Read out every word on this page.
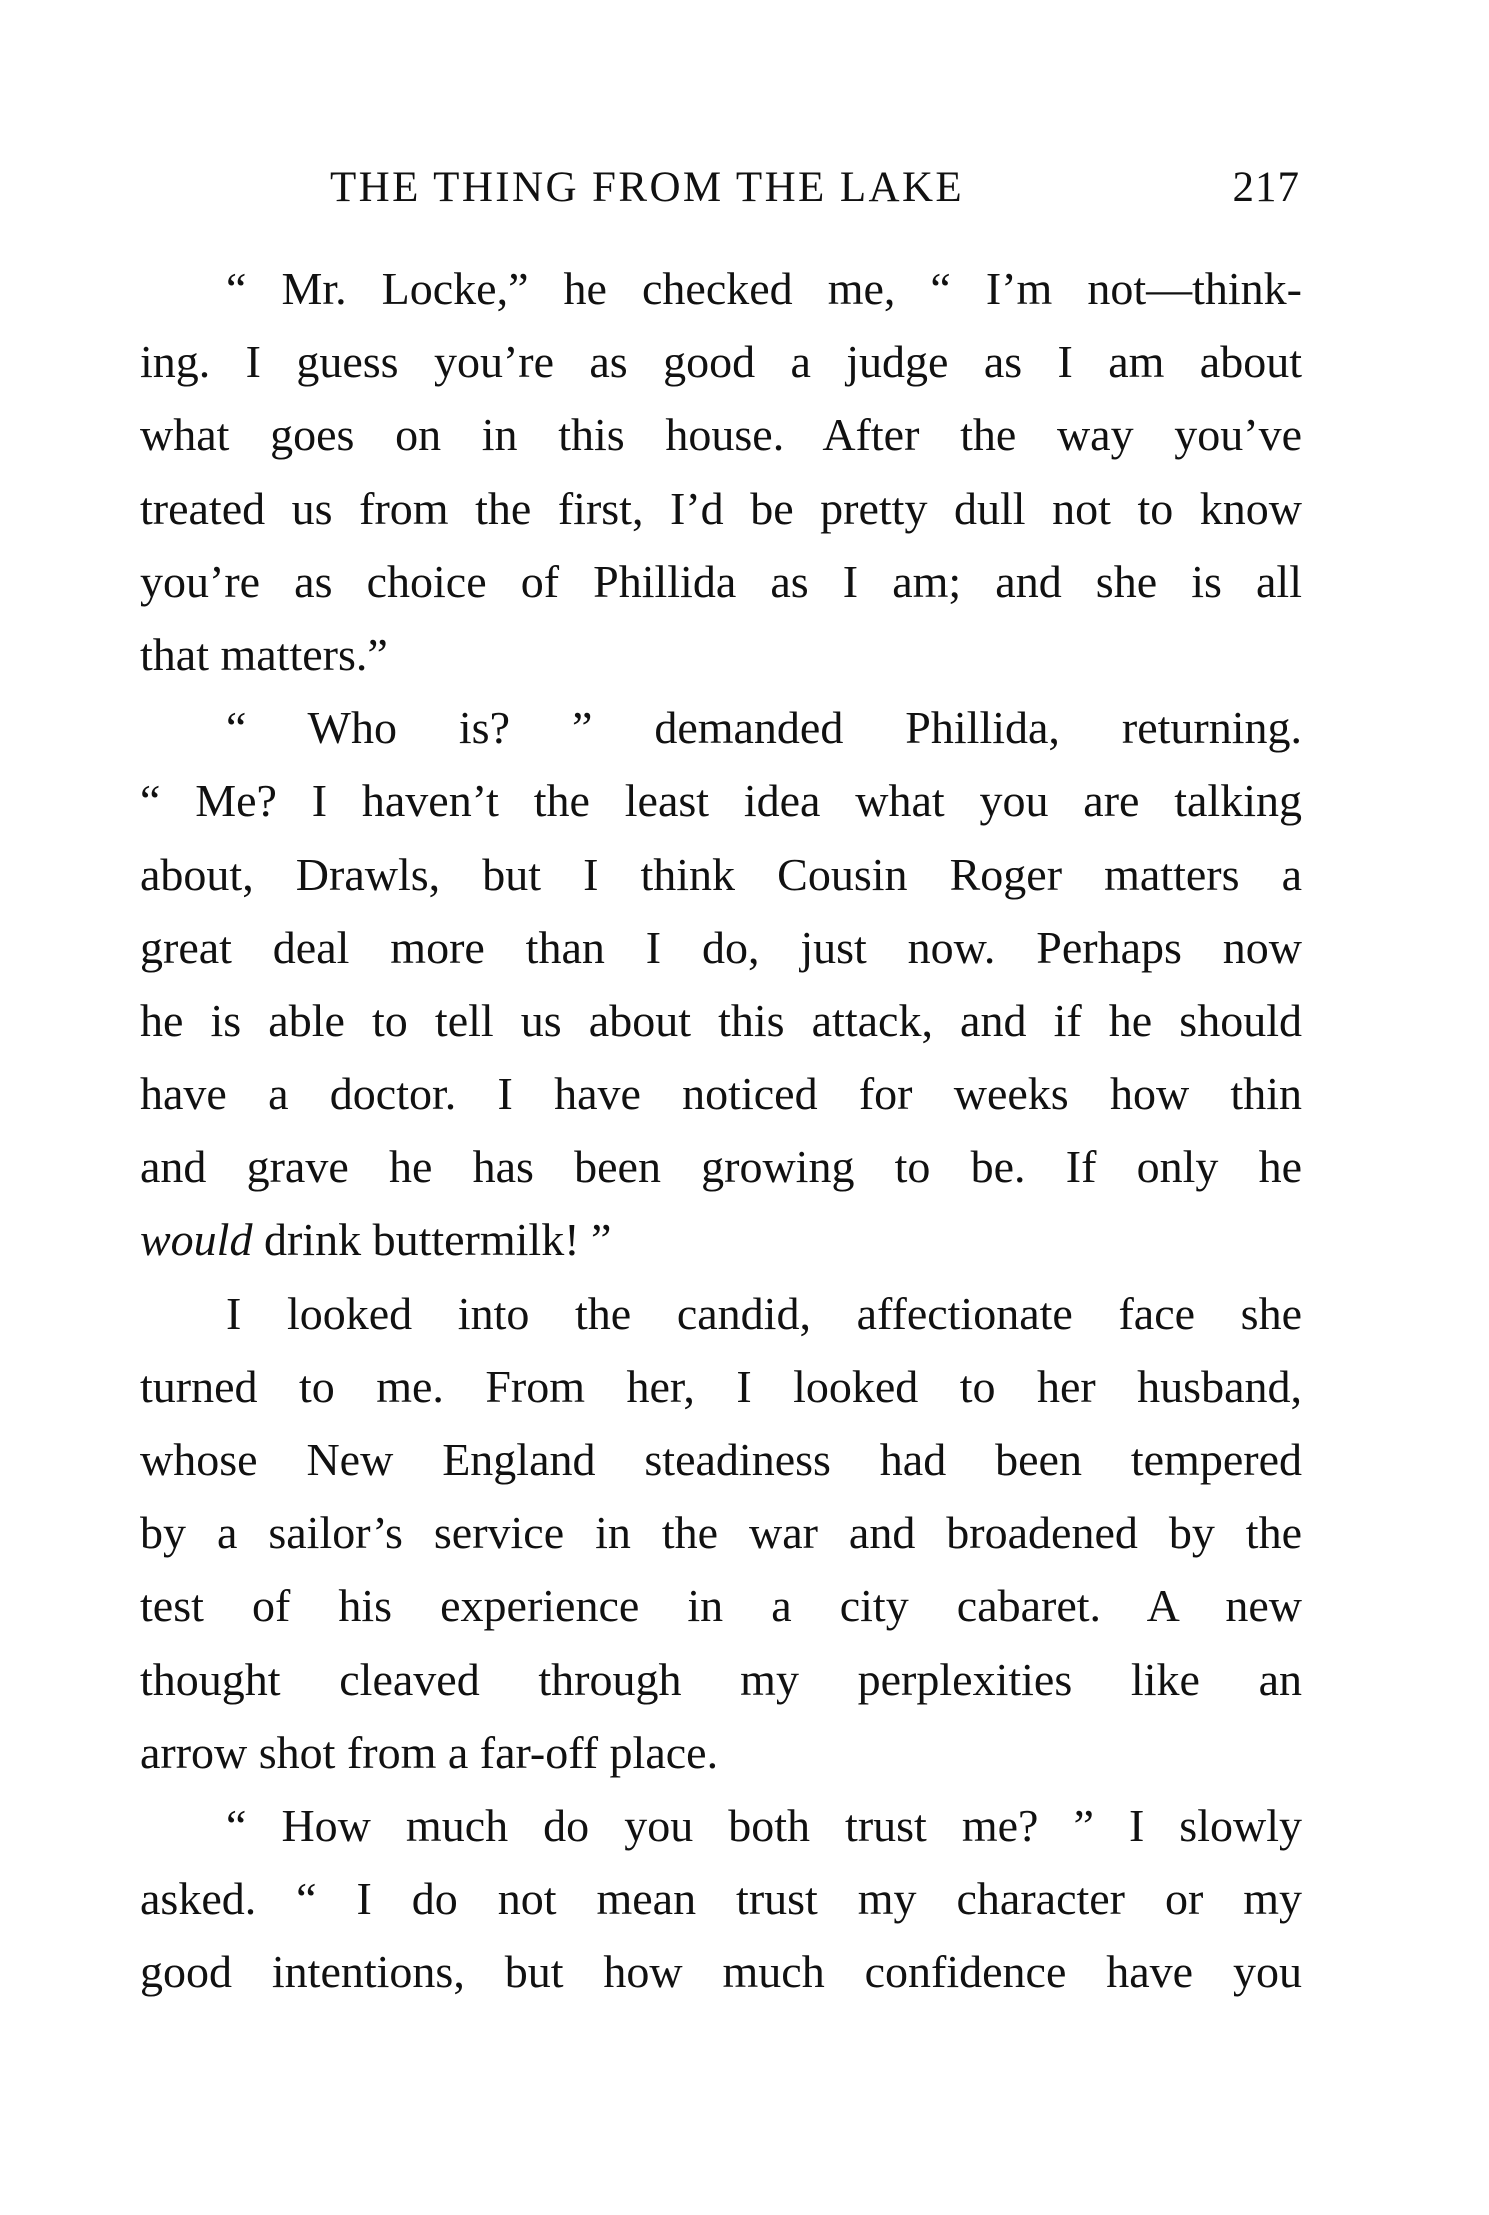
THE THING FROM THE LAKE	217
“ Mr. Locke,” he checked me, “ I’m not—think-
ing. I guess you’re as good a judge as I am about
what goes on in this house. After the way you’ve
treated us from the first, I’d be pretty dull not to know
you’re as choice of Phillida as I am; and she is all
that matters.”
“ Who is? ” demanded Phillida, returning.
“ Me? I haven’t the least idea what you are talking
about, Drawls, but I think Cousin Roger matters a
great deal more than I do, just now. Perhaps now
he is able to tell us about this attack, and if he should
have a doctor. I have noticed for weeks how thin
and grave he has been growing to be. If only he
would drink buttermilk! ”
I looked into the candid, affectionate face she
turned to me. From her, I looked to her husband,
whose New England steadiness had been tempered
by a sailor’s service in the war and broadened by the
test of his experience in a city cabaret. A new
thought cleaved through my perplexities like an
arrow shot from a far-off place.
“ How much do you both trust me? ” I slowly
asked. “ I do not mean trust my character or my
good intentions, but how much confidence have you
